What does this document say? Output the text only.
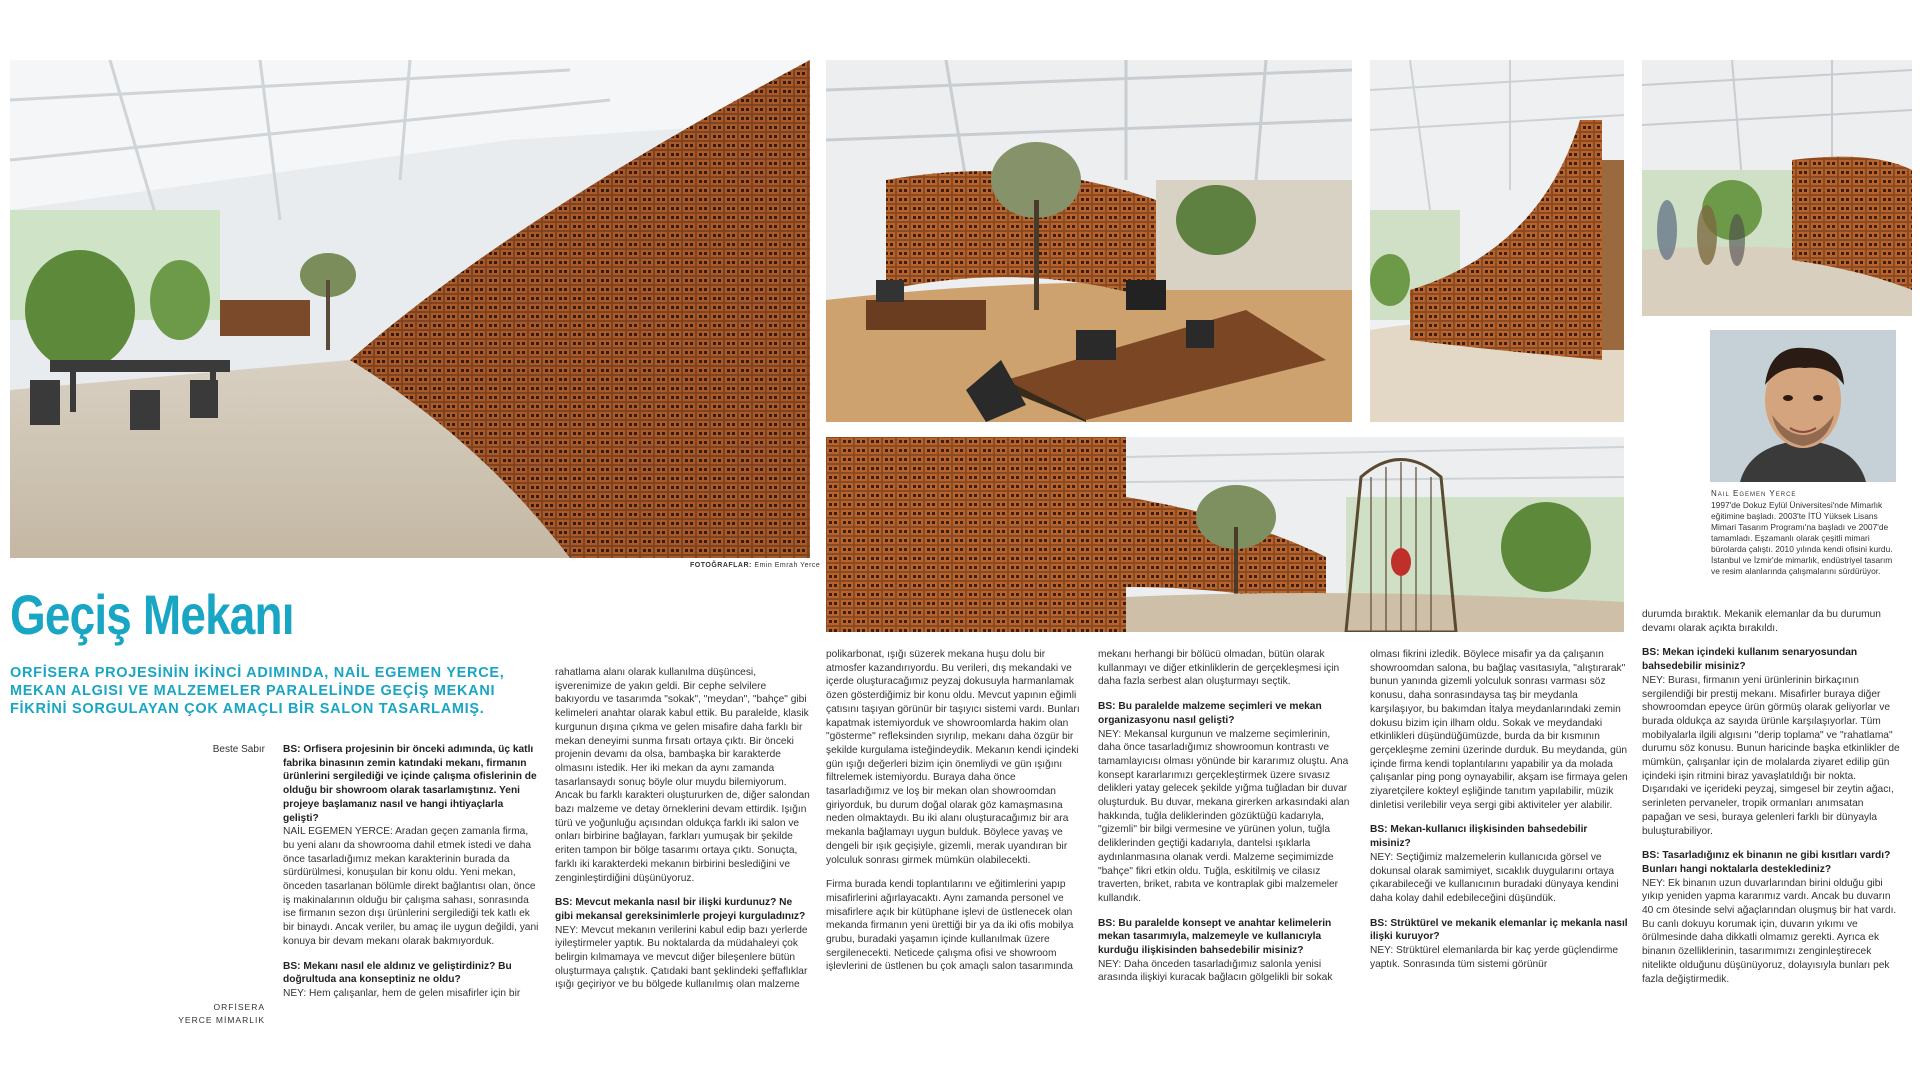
FOTOĞRAFLAR: Emin Emrah Yerce
Nail Egemen Yerce
1997'de Dokuz Eylül Üniversitesi'nde Mimarlık eğitimine başladı. 2003'te İTÜ Yüksek Lisans Mimari Tasarım Programı'na başladı ve 2007'de tamamladı. Eşzamanlı olarak çeşitli mimari bürolarda çalıştı. 2010 yılında kendi ofisini kurdu. İstanbul ve İzmir'de mimarlık, endüstriyel tasarım ve resim alanlarında çalışmalarını sürdürüyor.
Geçiş Mekanı
ORFİSERA PROJESİNİN İKİNCİ ADIMINDA, NAİL EGEMEN YERCE, MEKAN ALGISI VE MALZEMELER PARALELİNDE GEÇİŞ MEKANI FİKRİNİ SORGULAYAN ÇOK AMAÇLI BİR SALON TASARLAMIŞ.
Beste Sabır
ORFİSERA
YERCE MİMARLIK

BS: Orfisera projesinin bir önceki adımında, üç katlı fabrika binasının zemin katındaki mekanı, firmanın ürünlerini sergilediği ve içinde çalışma ofislerinin de olduğu bir showroom olarak tasarlamıştınız. Yeni projeye başlamanız nasıl ve hangi ihtiyaçlarla gelişti?
NAİL EGEMEN YERCE: Aradan geçen zamanla firma, bu yeni alanı da showrooma dahil etmek istedi ve daha önce tasarladığımız mekan karakterinin burada da sürdürülmesi, konuşulan bir konu oldu. Yeni mekan, önceden tasarlanan bölümle direkt bağlantısı olan, önce iş makinalarının olduğu bir çalışma sahası, sonrasında ise firmanın sezon dışı ürünlerini sergilediği tek katlı ek bir binaydı. Ancak veriler, bu amaç ile uygun değildi, yani konuya bir devam mekanı olarak bakmıyorduk.

BS: Mekanı nasıl ele aldınız ve geliştirdiniz? Bu doğrultuda ana konseptiniz ne oldu?
NEY: Hem çalışanlar, hem de gelen misafirler için bir

rahatlama alanı olarak kullanılma düşüncesi, işverenimize de yakın geldi. Bir cephe selvilere bakıyordu ve tasarımda "sokak", "meydan", "bahçe" gibi kelimeleri anahtar olarak kabul ettik. Bu paralelde, klasik kurgunun dışına çıkma ve gelen misafire daha farklı bir mekan deneyimi sunma fırsatı ortaya çıktı. Bir önceki projenin devamı da olsa, bambaşka bir karakterde olmasını istedik. Her iki mekan da aynı zamanda tasarlansaydı sonuç böyle olur muydu bilemiyorum. Ancak bu farklı karakteri oluştururken de, diğer salondan bazı malzeme ve detay örneklerini devam ettirdik. Işığın türü ve yoğunluğu açısından oldukça farklı iki salon ve onları birbirine bağlayan, farkları yumuşak bir şekilde eriten tampon bir bölge tasarımı ortaya çıktı. Sonuçta, farklı iki karakterdeki mekanın birbirini beslediğini ve zenginleştirdiğini düşünüyoruz.

BS: Mevcut mekanla nasıl bir ilişki kurdunuz? Ne gibi mekansal gereksinimlerle projeyi kurguladınız?
NEY: Mevcut mekanın verilerini kabul edip bazı yerlerde iyileştirmeler yaptık. Bu noktalarda da müdahaleyi çok belirgin kılmamaya ve mevcut diğer bileşenlere bütün oluşturmaya çalıştık. Çatıdaki bant şeklindeki şeffaflıklar ışığı geçiriyor ve bu bölgede kullanılmış olan malzeme

polikarbonat, ışığı süzerek mekana huşu dolu bir atmosfer kazandırıyordu. Bu verileri, dış mekandaki ve içerde oluşturacağımız peyzaj dokusuyla harmanlamak özen gösterdiğimiz bir konu oldu. Mevcut yapının eğimli çatısını taşıyan görünür bir taşıyıcı sistemi vardı. Bunları kapatmak istemiyorduk ve showroomlarda hakim olan "gösterme" refleksinden sıyrılıp, mekanı daha özgür bir şekilde kurgulama isteğindeydik. Mekanın kendi içindeki gün ışığı değerleri bizim için önemliydi ve gün ışığını filtrelemek istemiyordu. Buraya daha önce tasarladığımız ve loş bir mekan olan showroomdan giriyorduk, bu durum doğal olarak göz kamaşmasına neden olmaktaydı. Bu iki alanı oluşturacağımız bir ara mekanla bağlamayı uygun bulduk. Böylece yavaş ve dengeli bir ışık geçişiyle, gizemli, merak uyandıran bir yolculuk sonrası girmek mümkün olabilecekti.

Firma burada kendi toplantılarını ve eğitimlerini yapıp misafirlerini ağırlayacaktı. Aynı zamanda personel ve misafirlere açık bir kütüphane işlevi de üstlenecek olan mekanda firmanın yeni ürettiği bir ya da iki ofis mobilya grubu, buradaki yaşamın içinde kullanılmak üzere sergilenecekti. Neticede çalışma ofisi ve showroom işlevlerini de üstlenen bu çok amaçlı salon tasarımında

mekanı herhangi bir bölücü olmadan, bütün olarak kullanmayı ve diğer etkinliklerin de gerçekleşmesi için daha fazla serbest alan oluşturmayı seçtik.

BS: Bu paralelde malzeme seçimleri ve mekan organizasyonu nasıl gelişti?
NEY: Mekansal kurgunun ve malzeme seçimlerinin, daha önce tasarladığımız showroomun kontrastı ve tamamlayıcısı olması yönünde bir kararımız oluştu. Ana konsept kararlarımızı gerçekleştirmek üzere sıvasız delikleri yatay gelecek şekilde yığma tuğladan bir duvar oluşturduk. Bu duvar, mekana girerken arkasındaki alan hakkında, tuğla deliklerinden gözüktüğü kadarıyla, "gizemli" bir bilgi vermesine ve yürünen yolun, tuğla deliklerinden geçtiği kadarıyla, dantelsi ışıklarla aydınlanmasına olanak verdi. Malzeme seçimimizde "bahçe" fikri etkin oldu. Tuğla, eskitilmiş ve cilasız traverten, briket, rabıta ve kontraplak gibi malzemeler kullandık.

BS: Bu paralelde konsept ve anahtar kelimelerin mekan tasarımıyla, malzemeyle ve kullanıcıyla kurduğu ilişkisinden bahsedebilir misiniz?
NEY: Daha önceden tasarladığımız salonla yenisi arasında ilişkiyi kuracak bağlacın gölgelikli bir sokak

olması fikrini izledik. Böylece misafir ya da çalışanın showroomdan salona, bu bağlaç vasıtasıyla, "alıştırarak" bunun yanında gizemli yolculuk sonrası varması söz konusu, daha sonrasındaysa taş bir meydanla karşılaşıyor, bu bakımdan İtalya meydanlarındaki zemin dokusu bizim için ilham oldu. Sokak ve meydandaki etkinlikleri düşündüğümüzde, burda da bir kısmının gerçekleşme zemini üzerinde durduk. Bu meydanda, gün içinde firma kendi toplantılarını yapabilir ya da molada çalışanlar ping pong oynayabilir, akşam ise firmaya gelen ziyaretçilere kokteyl eşliğinde tanıtım yapılabilir, müzik dinletisi verilebilir veya sergi gibi aktiviteler yer alabilir.

BS: Mekan-kullanıcı ilişkisinden bahsedebilir misiniz?
NEY: Seçtiğimiz malzemelerin kullanıcıda görsel ve dokunsal olarak samimiyet, sıcaklık duygularını ortaya çıkarabileceği ve kullanıcının buradaki dünyaya kendini daha kolay dahil edebileceğini düşündük.

BS: Strüktürel ve mekanik elemanlar iç mekanla nasıl ilişki kuruyor?
NEY: Strüktürel elemanlarda bir kaç yerde güçlendirme yaptık. Sonrasında tüm sistemi görünür

durumda bıraktık. Mekanik elemanlar da bu durumun devamı olarak açıkta bırakıldı.

BS: Mekan içindeki kullanım senaryosundan bahsedebilir misiniz?
NEY: Burası, firmanın yeni ürünlerinin birkaçının sergilendiği bir prestij mekanı. Misafirler buraya diğer showroomdan epeyce ürün görmüş olarak geliyorlar ve burada oldukça az sayıda ürünle karşılaşıyorlar. Tüm mobilyalarla ilgili algısını "derip toplama" ve "rahatlama" durumu söz konusu. Bunun haricinde başka etkinlikler de mümkün, çalışanlar için de molalarda ziyaret edilip gün içindeki işin ritmini biraz yavaşlatıldığı bir nokta. Dışarıdaki ve içerideki peyzaj, simgesel bir zeytin ağacı, serinleten pervaneler, tropik ormanları anımsatan papağan ve sesi, buraya gelenleri farklı bir dünyayla buluşturabiliyor.

BS: Tasarladığınız ek binanın ne gibi kısıtları vardı? Bunları hangi noktalarla desteklediniz?
NEY: Ek binanın uzun duvarlarından birini olduğu gibi yıkıp yeniden yapma kararımız vardı. Ancak bu duvarın 40 cm ötesinde selvi ağaçlarından oluşmuş bir hat vardı. Bu canlı dokuyu korumak için, duvarın yıkımı ve örülmesinde daha dikkatli olmamız gerekti. Ayrıca ek binanın özelliklerinin, tasarımımızı zenginleştirecek nitelikte olduğunu düşünüyoruz, dolayısıyla bunları pek fazla değiştirmedik.
